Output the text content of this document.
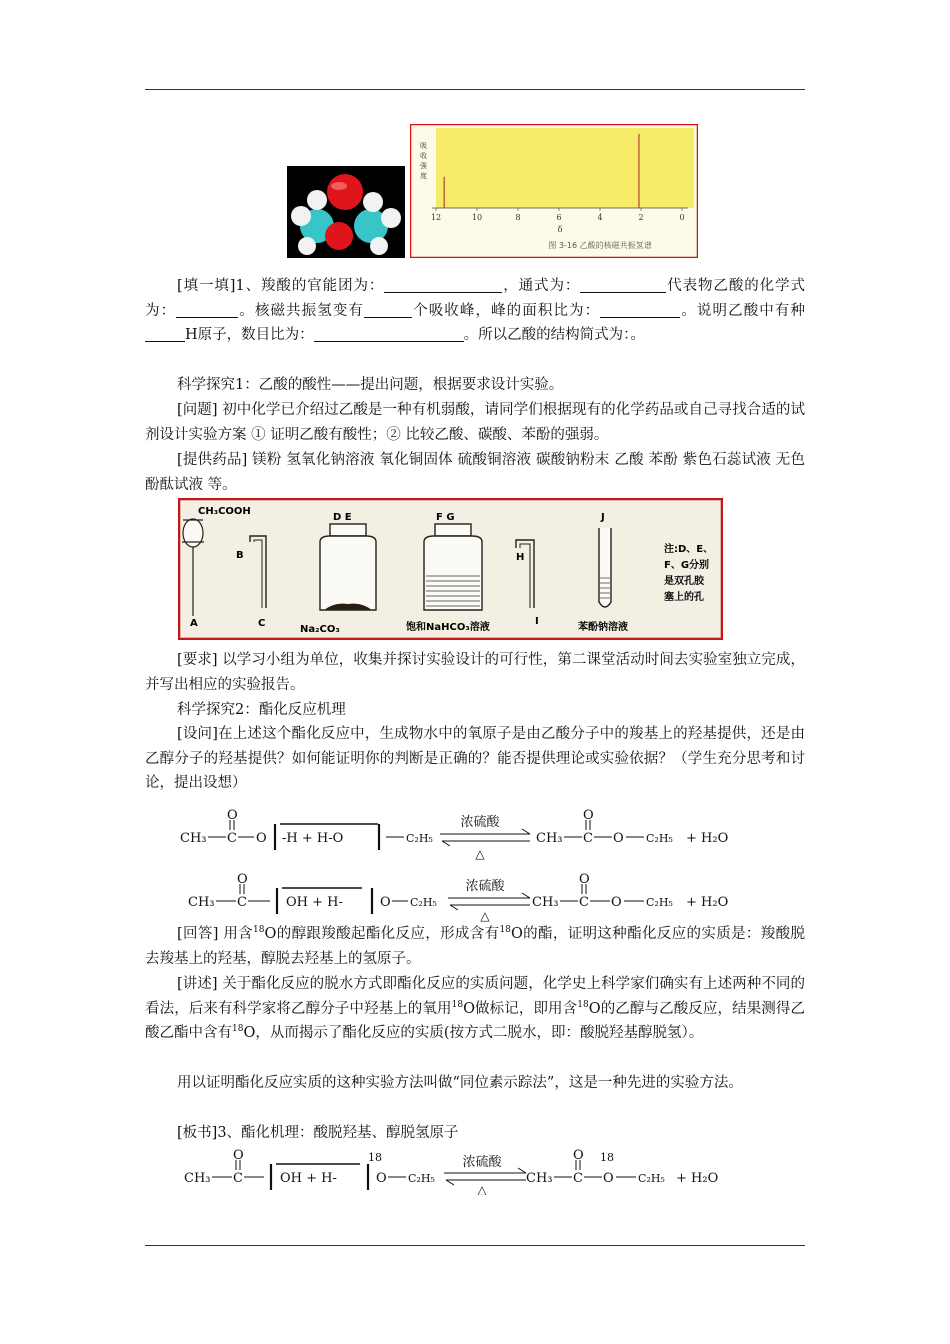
吸
收
强
度
12	10	8	6	4	2	0
δ
图 3-16 乙酸的核磁共振氢谱

[填一填]1、羧酸的官能团为：	，通式为：	代表物乙酸的化学式为：	。核磁共振氢变有	个吸收峰，峰的面积比为：	。说明乙酸中有种H原子，数目比为：	。所以乙酸的结构简式为：。

科学探究1：乙酸的酸性——提出问题，根据要求设计实验。

[问题] 初中化学已介绍过乙酸是一种有机弱酸，请同学们根据现有的化学药品或自己寻找合适的试剂设计实验方案 ① 证明乙酸有酸性；② 比较乙酸、碳酸、苯酚的强弱。

[提供药品] 镁粉 氢氧化钠溶液 氧化铜固体 硫酸铜溶液 碳酸钠粉末 乙酸 苯酚 紫色石蕊试液 无色酚酞试液 等。

CH₃COOH
A
B
C
D E
Na₂CO₃
F G
饱和NaHCO₃溶液
H
I
J
苯酚钠溶液
注:D、E、
F、G分别
是双孔胶
塞上的孔

[要求] 以学习小组为单位，收集并探讨实验设计的可行性，第二课堂活动时间去实验室独立完成，并写出相应的实验报告。

科学探究2：酯化反应机理

[设问]在上述这个酯化反应中，生成物水中的氧原子是由乙酸分子中的羧基上的羟基提供，还是由乙醇分子的羟基提供？如何能证明你的判断是正确的？能否提供理论或实验依据？（学生充分思考和讨论，提出设想）

CH₃ C
O
O -H + H-O	C₂H₅
浓硫酸
△
CH₃ C
O
O C₂H₅ + H₂O
CH₃ C
O
OH + H-	O C₂H₅
浓硫酸
△
CH₃ C
O
O C₂H₅ + H₂O

[回答] 用含$^{18}$O的醇跟羧酸起酯化反应，形成含有$^{18}$O的酯，证明这种酯化反应的实质是：羧酸脱去羧基上的羟基，醇脱去羟基上的氢原子。

[讲述] 关于酯化反应的脱水方式即酯化反应的实质问题，化学史上科学家们确实有上述两种不同的看法，后来有科学家将乙醇分子中羟基上的氧用$^{18}$O做标记，即用含$^{18}$O的乙醇与乙酸反应，结果测得乙酸乙酯中含有$^{18}$O，从而揭示了酯化反应的实质(按方式二脱水，即：酸脱羟基醇脱氢）。

用以证明酯化反应实质的这种实验方法叫做“同位素示踪法”，这是一种先进的实验方法。

[板书]3、酯化机理：酸脱羟基、醇脱氢原子

CH₃ C
O
OH + H-
18
O C₂H₅
浓硫酸
△
CH₃ C
O 18
O C₂H₅ + H₂O
